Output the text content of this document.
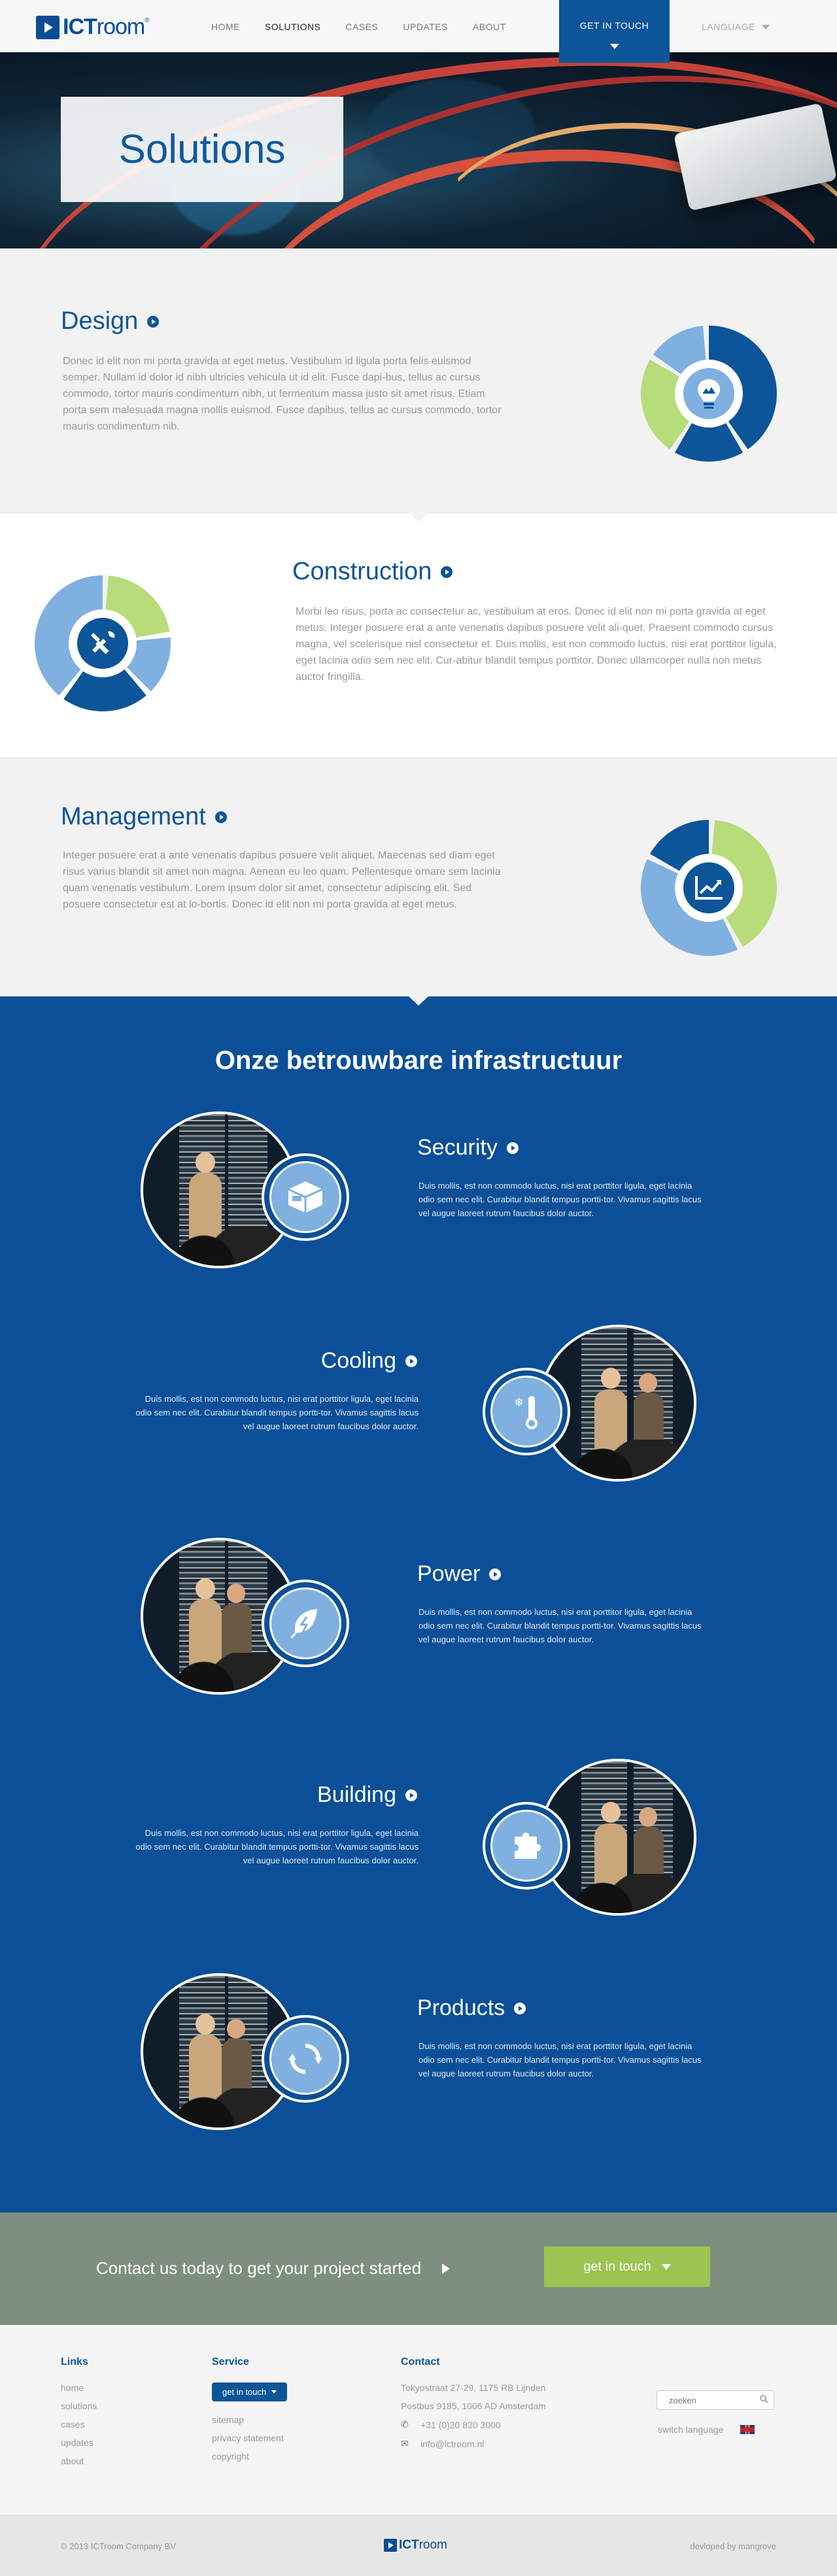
ICTroom ®
HOME	SOLUTIONS	CASES	UPDATES	ABOUT	GET IN TOUCH	LANGUAGE
Solutions
Design

Donec id elit non mi porta gravida at eget metus. Vestibulum id ligula porta felis euismod semper. Nullam id dolor id nibh ultricies vehicula ut id elit. Fusce dapi-bus, tellus ac cursus commodo, tortor mauris condimentum nibh, ut fermentum massa justo sit amet risus. Etiam porta sem malesuada magna mollis euismod. Fusce dapibus, tellus ac cursus commodo, tortor mauris condimentum nib.

Construction

Morbi leo risus, porta ac consectetur ac, vestibulum at eros. Donec id elit non mi porta gravida at eget metus. Integer posuere erat a ante venenatis dapibus posuere velit ali-quet. Praesent commodo cursus magna, vel scelerisque nisl consectetur et. Duis mollis, est non commodo luctus, nisi erat porttitor ligula, eget lacinia odio sem nec elit. Cur-abitur blandit tempus porttitor. Donec ullamcorper nulla non metus auctor fringilla.

Management

Integer posuere erat a ante venenatis dapibus posuere velit aliquet. Maecenas sed diam eget risus varius blandit sit amet non magna. Aenean eu leo quam. Pellentesque ornare sem lacinia quam venenatis vestibulum. Lorem ipsum dolor sit amet, consectetur adipiscing elit. Sed posuere consectetur est at lo-bortis. Donec id elit non mi porta gravida at eget metus.

Onze betrouwbare infrastructuur
Security

Duis mollis, est non commodo luctus, nisi erat porttitor ligula, eget lacinia odio sem nec elit. Curabitur blandit tempus portti-tor. Vivamus sagittis lacus vel augue laoreet rutrum faucibus dolor auctor.

❄
Cooling

Duis mollis, est non commodo luctus, nisi erat porttitor ligula, eget lacinia odio sem nec elit. Curabitur blandit tempus portti-tor. Vivamus sagittis lacus vel augue laoreet rutrum faucibus dolor auctor.

Power

Duis mollis, est non commodo luctus, nisi erat porttitor ligula, eget lacinia odio sem nec elit. Curabitur blandit tempus portti-tor. Vivamus sagittis lacus vel augue laoreet rutrum faucibus dolor auctor.

Building

Duis mollis, est non commodo luctus, nisi erat porttitor ligula, eget lacinia odio sem nec elit. Curabitur blandit tempus portti-tor. Vivamus sagittis lacus vel augue laoreet rutrum faucibus dolor auctor.

Products

Duis mollis, est non commodo luctus, nisi erat porttitor ligula, eget lacinia odio sem nec elit. Curabitur blandit tempus portti-tor. Vivamus sagittis lacus vel augue laoreet rutrum faucibus dolor auctor.

Contact us today to get your project started	get in touch
Links
home
solutions
cases
updates
about
Service
get in touch
sitemap
privacy statement
copyright
Contact
Tokyostraat 27-29, 1175 RB Lijnden
Postbus 9185, 1006 AD Amsterdam
✆	+31 (0)20 820 3000
✉	info@ictroom.nl
zoeken
switch language
© 2013 ICTroom Company BV	ICTroom	devloped by mangrove
